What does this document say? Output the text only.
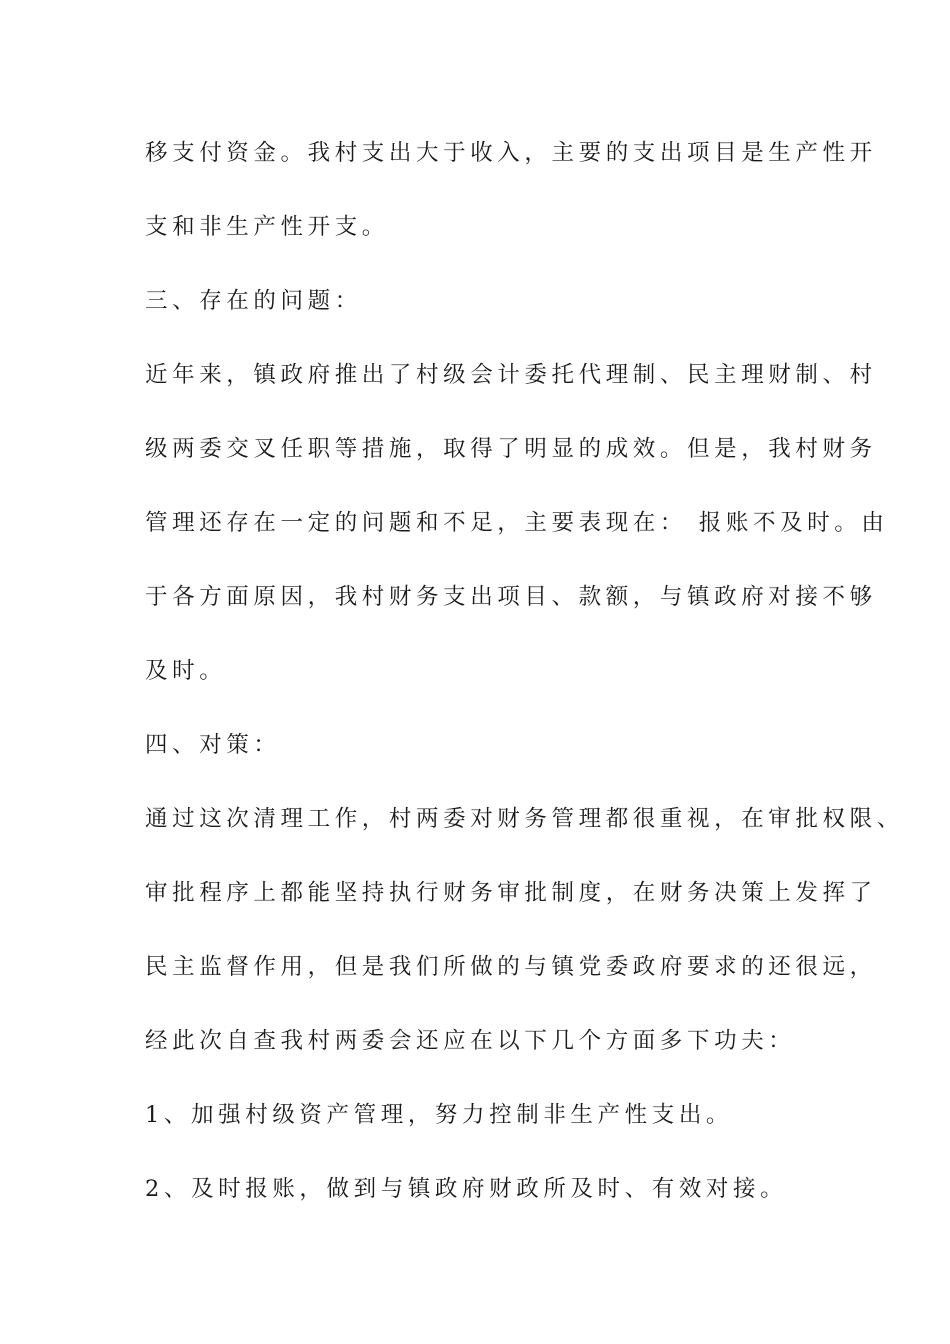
移支付资金。我村支出大于收入，主要的支出项目是生产性开
支和非生产性开支。
三、存在的问题：
近年来，镇政府推出了村级会计委托代理制、民主理财制、村
级两委交叉任职等措施，取得了明显的成效。但是，我村财务
管理还存在一定的问题和不足，主要表现在： 报账不及时。由
于各方面原因，我村财务支出项目、款额，与镇政府对接不够
及时。
四、对策：
通过这次清理工作，村两委对财务管理都很重视，在审批权限、
审批程序上都能坚持执行财务审批制度，在财务决策上发挥了
民主监督作用，但是我们所做的与镇党委政府要求的还很远，
经此次自查我村两委会还应在以下几个方面多下功夫：
1、加强村级资产管理，努力控制非生产性支出。
2、及时报账，做到与镇政府财政所及时、有效对接。
